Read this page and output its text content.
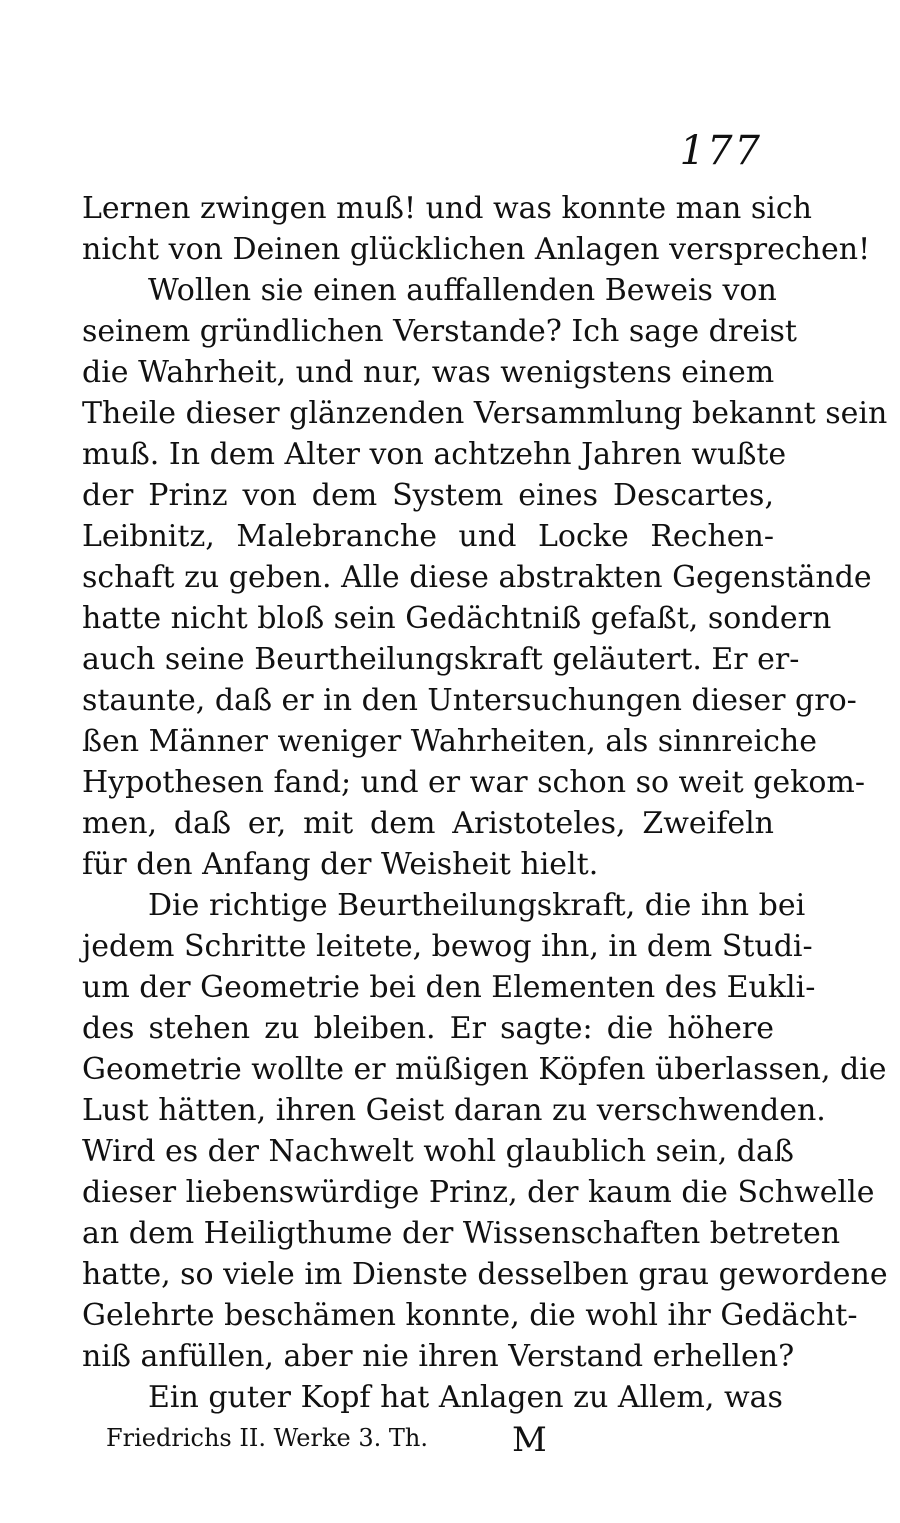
177
Lernen zwingen muß! und was konnte man sich
nicht von Deinen glücklichen Anlagen versprechen!
Wollen sie einen auffallenden Beweis von
seinem gründlichen Verstande? Ich sage dreist
die Wahrheit, und nur, was wenigstens einem
Theile dieser glänzenden Versammlung bekannt sein
muß. In dem Alter von achtzehn Jahren wußte
der Prinz von dem System eines Descartes,
Leibnitz, Malebranche und Locke Rechen-
schaft zu geben. Alle diese abstrakten Gegenstände
hatte nicht bloß sein Gedächtniß gefaßt, sondern
auch seine Beurtheilungskraft geläutert. Er er-
staunte, daß er in den Untersuchungen dieser gro-
ßen Männer weniger Wahrheiten, als sinnreiche
Hypothesen fand; und er war schon so weit gekom-
men, daß er, mit dem Aristoteles, Zweifeln
für den Anfang der Weisheit hielt.
Die richtige Beurtheilungskraft, die ihn bei
jedem Schritte leitete, bewog ihn, in dem Studi-
um der Geometrie bei den Elementen des Eukli-
des stehen zu bleiben. Er sagte: die höhere
Geometrie wollte er müßigen Köpfen überlassen, die
Lust hätten, ihren Geist daran zu verschwenden.
Wird es der Nachwelt wohl glaublich sein, daß
dieser liebenswürdige Prinz, der kaum die Schwelle
an dem Heiligthume der Wissenschaften betreten
hatte, so viele im Dienste desselben grau gewordene
Gelehrte beschämen konnte, die wohl ihr Gedächt-
niß anfüllen, aber nie ihren Verstand erhellen?
Ein guter Kopf hat Anlagen zu Allem, was
Friedrichs II. Werke 3. Th. M
